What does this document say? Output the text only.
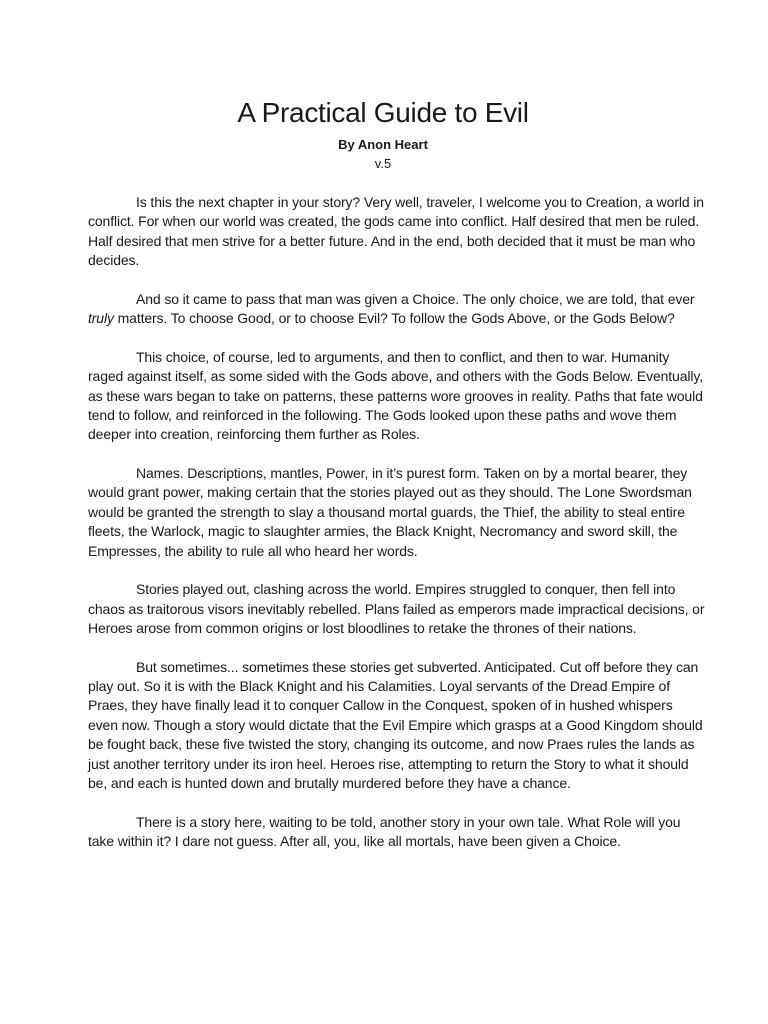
A Practical Guide to Evil

By Anon Heart

v.5

Is this the next chapter in your story? Very well, traveler, I welcome you to Creation, a world in conflict. For when our world was created, the gods came into conflict. Half desired that men be ruled. Half desired that men strive for a better future. And in the end, both decided that it must be man who decides.

And so it came to pass that man was given a Choice. The only choice, we are told, that ever truly matters. To choose Good, or to choose Evil? To follow the Gods Above, or the Gods Below?

This choice, of course, led to arguments, and then to conflict, and then to war. Humanity raged against itself, as some sided with the Gods above, and others with the Gods Below. Eventually, as these wars began to take on patterns, these patterns wore grooves in reality. Paths that fate would tend to follow, and reinforced in the following. The Gods looked upon these paths and wove them deeper into creation, reinforcing them further as Roles.

Names. Descriptions, mantles, Power, in it’s purest form. Taken on by a mortal bearer, they would grant power, making certain that the stories played out as they should. The Lone Swordsman would be granted the strength to slay a thousand mortal guards, the Thief, the ability to steal entire fleets, the Warlock, magic to slaughter armies, the Black Knight, Necromancy and sword skill, the Empresses, the ability to rule all who heard her words.

Stories played out, clashing across the world. Empires struggled to conquer, then fell into chaos as traitorous visors inevitably rebelled. Plans failed as emperors made impractical decisions, or Heroes arose from common origins or lost bloodlines to retake the thrones of their nations.

But sometimes... sometimes these stories get subverted. Anticipated. Cut off before they can play out. So it is with the Black Knight and his Calamities. Loyal servants of the Dread Empire of Praes, they have finally lead it to conquer Callow in the Conquest, spoken of in hushed whispers even now. Though a story would dictate that the Evil Empire which grasps at a Good Kingdom should be fought back, these five twisted the story, changing its outcome, and now Praes rules the lands as just another territory under its iron heel. Heroes rise, attempting to return the Story to what it should be, and each is hunted down and brutally murdered before they have a chance.

There is a story here, waiting to be told, another story in your own tale. What Role will you take within it? I dare not guess. After all, you, like all mortals, have been given a Choice.
